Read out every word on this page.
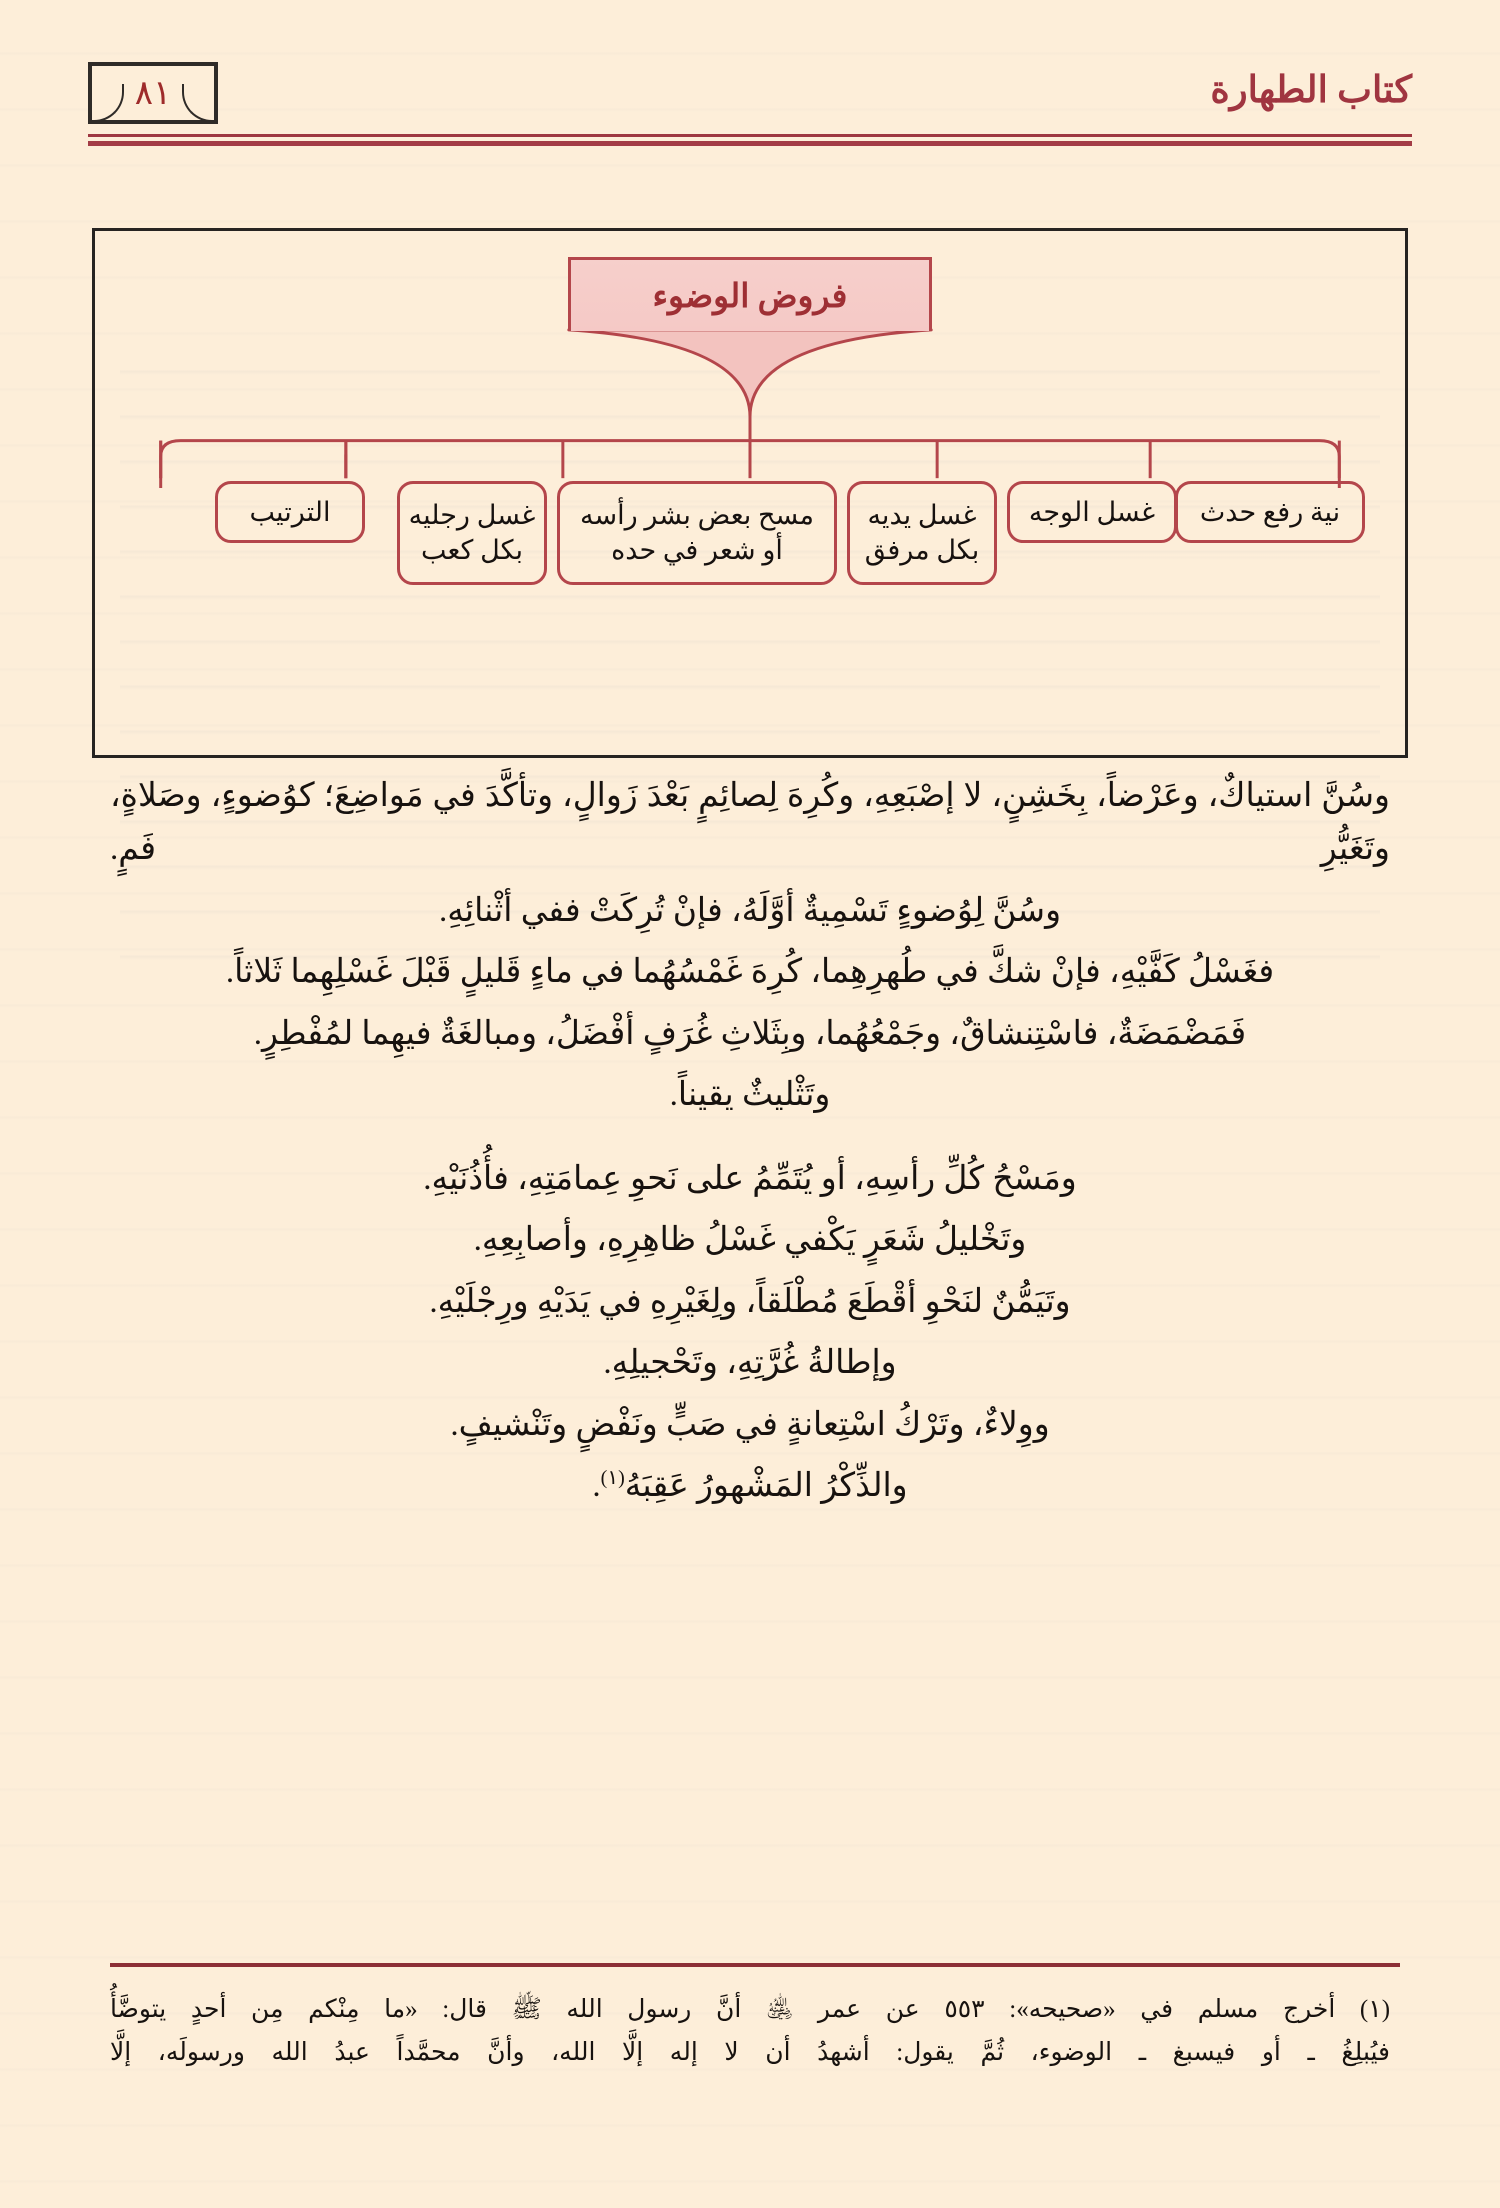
٨١	كتاب الطهارة
فروض الوضوء
نية رفع حدث
غسل الوجه
غسل يديه
بكل مرفق
مسح بعض بشر رأسه
أو شعر في حده
غسل رجليه
بكل كعب
الترتيب

وسُنَّ استياكٌ، وعَرْضاً، بِخَشِنٍ، لا إصْبَعِهِ، وكُرِهَ لِصائِمٍ بَعْدَ زَوالٍ، وتأكَّدَ في مَواضِعَ؛ كوُضوءٍ، وصَلاةٍ، وتَغَيُّرِ فَمٍ.

وسُنَّ لِوُضوءٍ تَسْمِيةٌ أوَّلَهُ، فإنْ تُرِكَتْ ففي أثْنائِهِ.

فغَسْلُ كَفَّيْهِ، فإنْ شكَّ في طُهرِهِما، كُرِهَ غَمْسُهُما في ماءٍ قَليلٍ قَبْلَ غَسْلِهِما ثَلاثاً.

فَمَضْمَضَةٌ، فاسْتِنشاقٌ، وجَمْعُهُما، وبِثَلاثِ غُرَفٍ أفْضَلُ، ومبالغَةٌ فيهِما لمُفْطِرٍ.

وتَثْليثٌ يقيناً.

ومَسْحُ كُلِّ رأسِهِ، أو يُتَمِّمُ على نَحوِ عِمامَتِهِ، فأُذُنَيْهِ.

وتَخْليلُ شَعَرٍ يَكْفي غَسْلُ ظاهِرِهِ، وأصابِعِهِ.

وتَيَمُّنٌ لنَحْوِ أقْطَعَ مُطْلَقاً، ولِغَيْرِهِ في يَدَيْهِ ورِجْلَيْهِ.

وإطالةُ غُرَّتِهِ، وتَحْجيلِهِ.

ووِلاءٌ، وتَرْكُ اسْتِعانةٍ في صَبٍّ ونَفْضٍ وتَنْشيفٍ.

والذِّكْرُ المَشْهورُ عَقِبَهُ$^{(١)}$.

(١) أخرج مسلم في «صحيحه»: ٥٥٣ عن عمر ﵁ أنَّ رسول الله ﷺ قال: «ما مِنْكم مِن أحدٍ يتوضَّأُ

فيُبلِغُ ـ أو فيسبغ ـ الوضوء، ثُمَّ يقول: أشهدُ أن لا إله إلَّا الله، وأنَّ محمَّداً عبدُ الله ورسولَه، إلَّا
